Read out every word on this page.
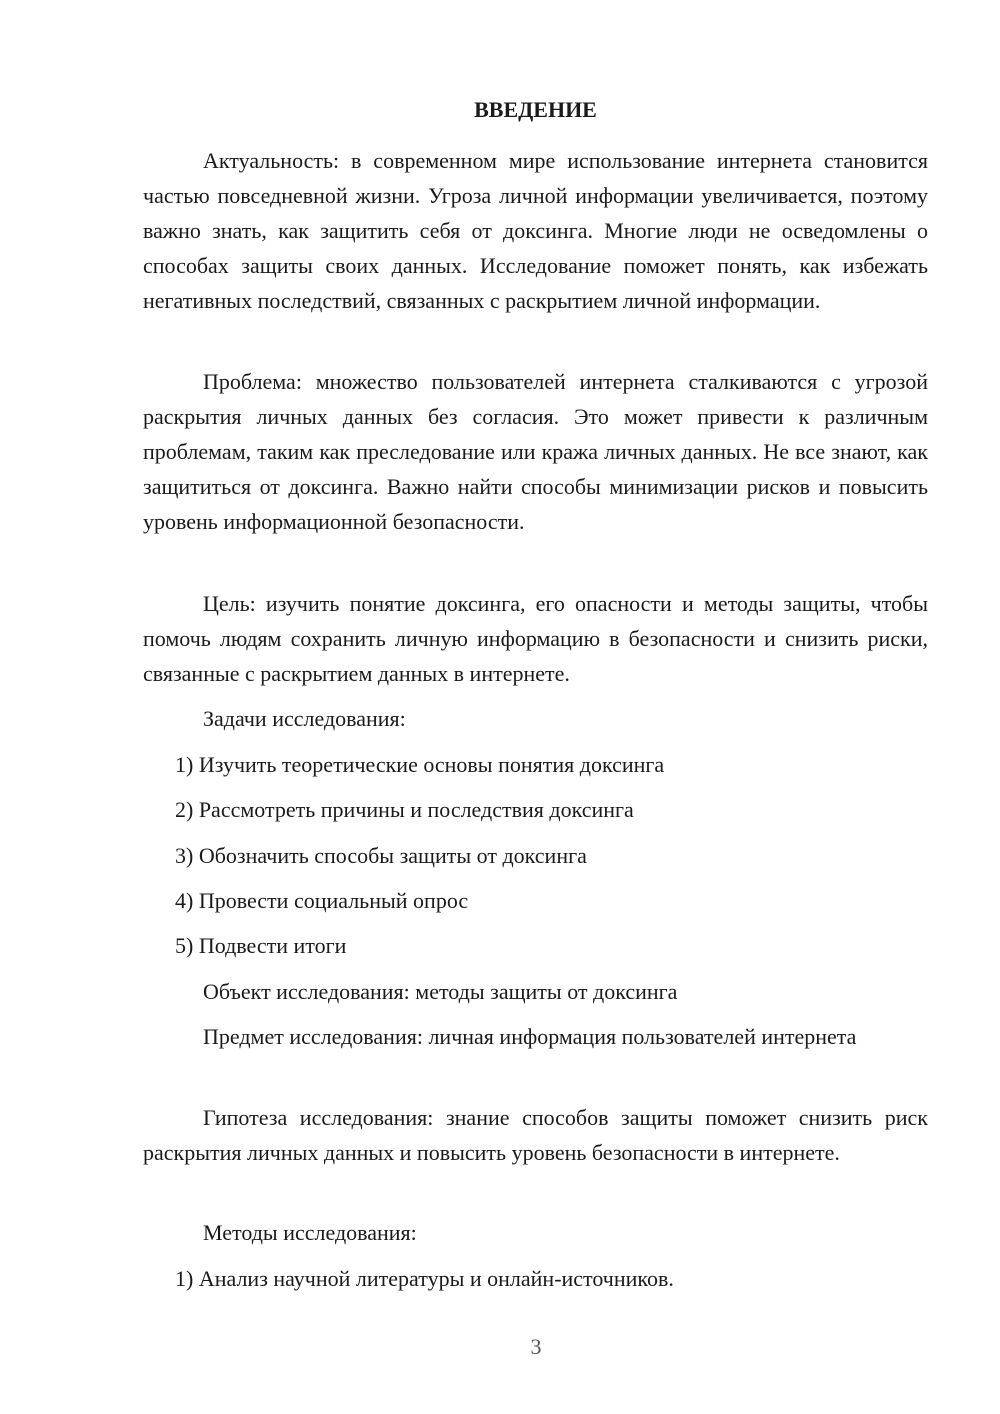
ВВЕДЕНИЕ

Актуальность: в современном мире использование интернета становится частью повседневной жизни. Угроза личной информации увеличивается, поэтому важно знать, как защитить себя от доксинга. Многие люди не осведомлены о способах защиты своих данных. Исследование поможет понять, как избежать негативных последствий, связанных с раскрытием личной информации.

Проблема: множество пользователей интернета сталкиваются с угрозой раскрытия личных данных без согласия. Это может привести к различным проблемам, таким как преследование или кража личных данных. Не все знают, как защититься от доксинга. Важно найти способы минимизации рисков и повысить уровень информационной безопасности.

Цель: изучить понятие доксинга, его опасности и методы защиты, чтобы помочь людям сохранить личную информацию в безопасности и снизить риски, связанные с раскрытием данных в интернете.

Задачи исследования:

1) Изучить теоретические основы понятия доксинга

2) Рассмотреть причины и последствия доксинга

3) Обозначить способы защиты от доксинга

4) Провести социальный опрос

5) Подвести итоги

Объект исследования: методы защиты от доксинга

Предмет исследования: личная информация пользователей интернета

Гипотеза исследования: знание способов защиты поможет снизить риск раскрытия личных данных и повысить уровень безопасности в интернете.

Методы исследования:

1) Анализ научной литературы и онлайн-источников.

3
